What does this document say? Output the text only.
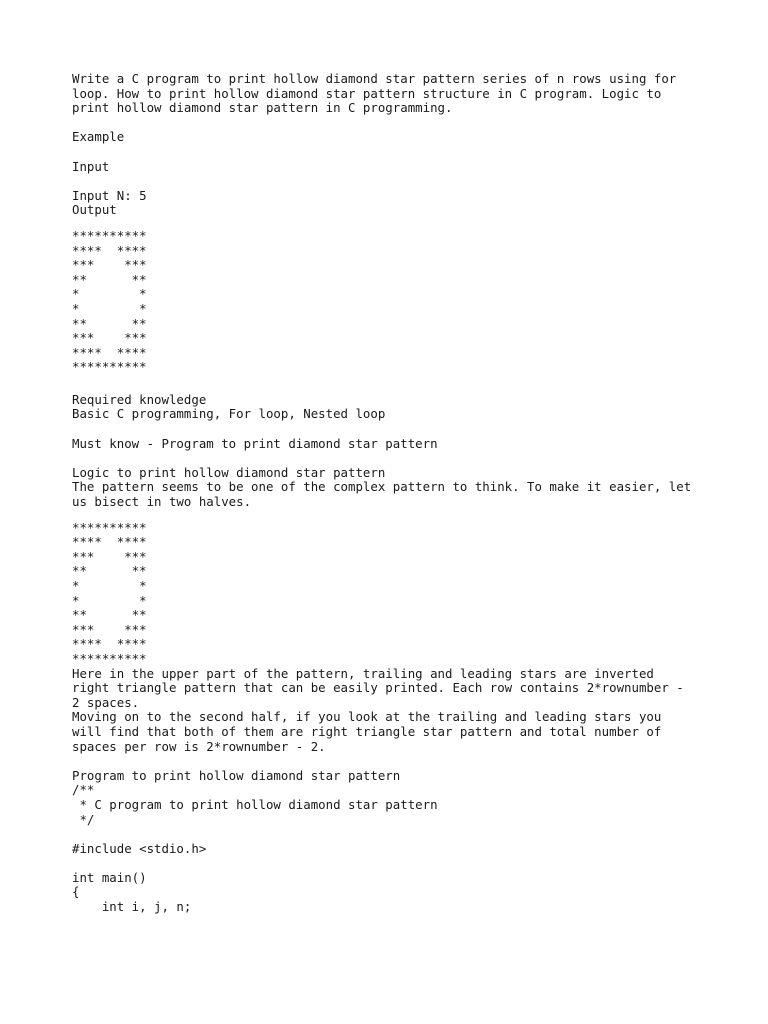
Write a C program to print hollow diamond star pattern series of n rows using for
loop. How to print hollow diamond star pattern structure in C program. Logic to
print hollow diamond star pattern in C programming.
Example
Input
Input N: 5
Output
**********
****  ****
***    ***
**      **
*        *
*        *
**      **
***    ***
****  ****
**********
Required knowledge
Basic C programming, For loop, Nested loop
Must know - Program to print diamond star pattern
Logic to print hollow diamond star pattern
The pattern seems to be one of the complex pattern to think. To make it easier, let
us bisect in two halves.
**********
****  ****
***    ***
**      **
*        *
*        *
**      **
***    ***
****  ****
**********
Here in the upper part of the pattern, trailing and leading stars are inverted
right triangle pattern that can be easily printed. Each row contains 2*rownumber -
2 spaces.
Moving on to the second half, if you look at the trailing and leading stars you
will find that both of them are right triangle star pattern and total number of
spaces per row is 2*rownumber - 2.
Program to print hollow diamond star pattern
/**
* C program to print hollow diamond star pattern
*/
#include <stdio.h>
int main()
{
int i, j, n;
